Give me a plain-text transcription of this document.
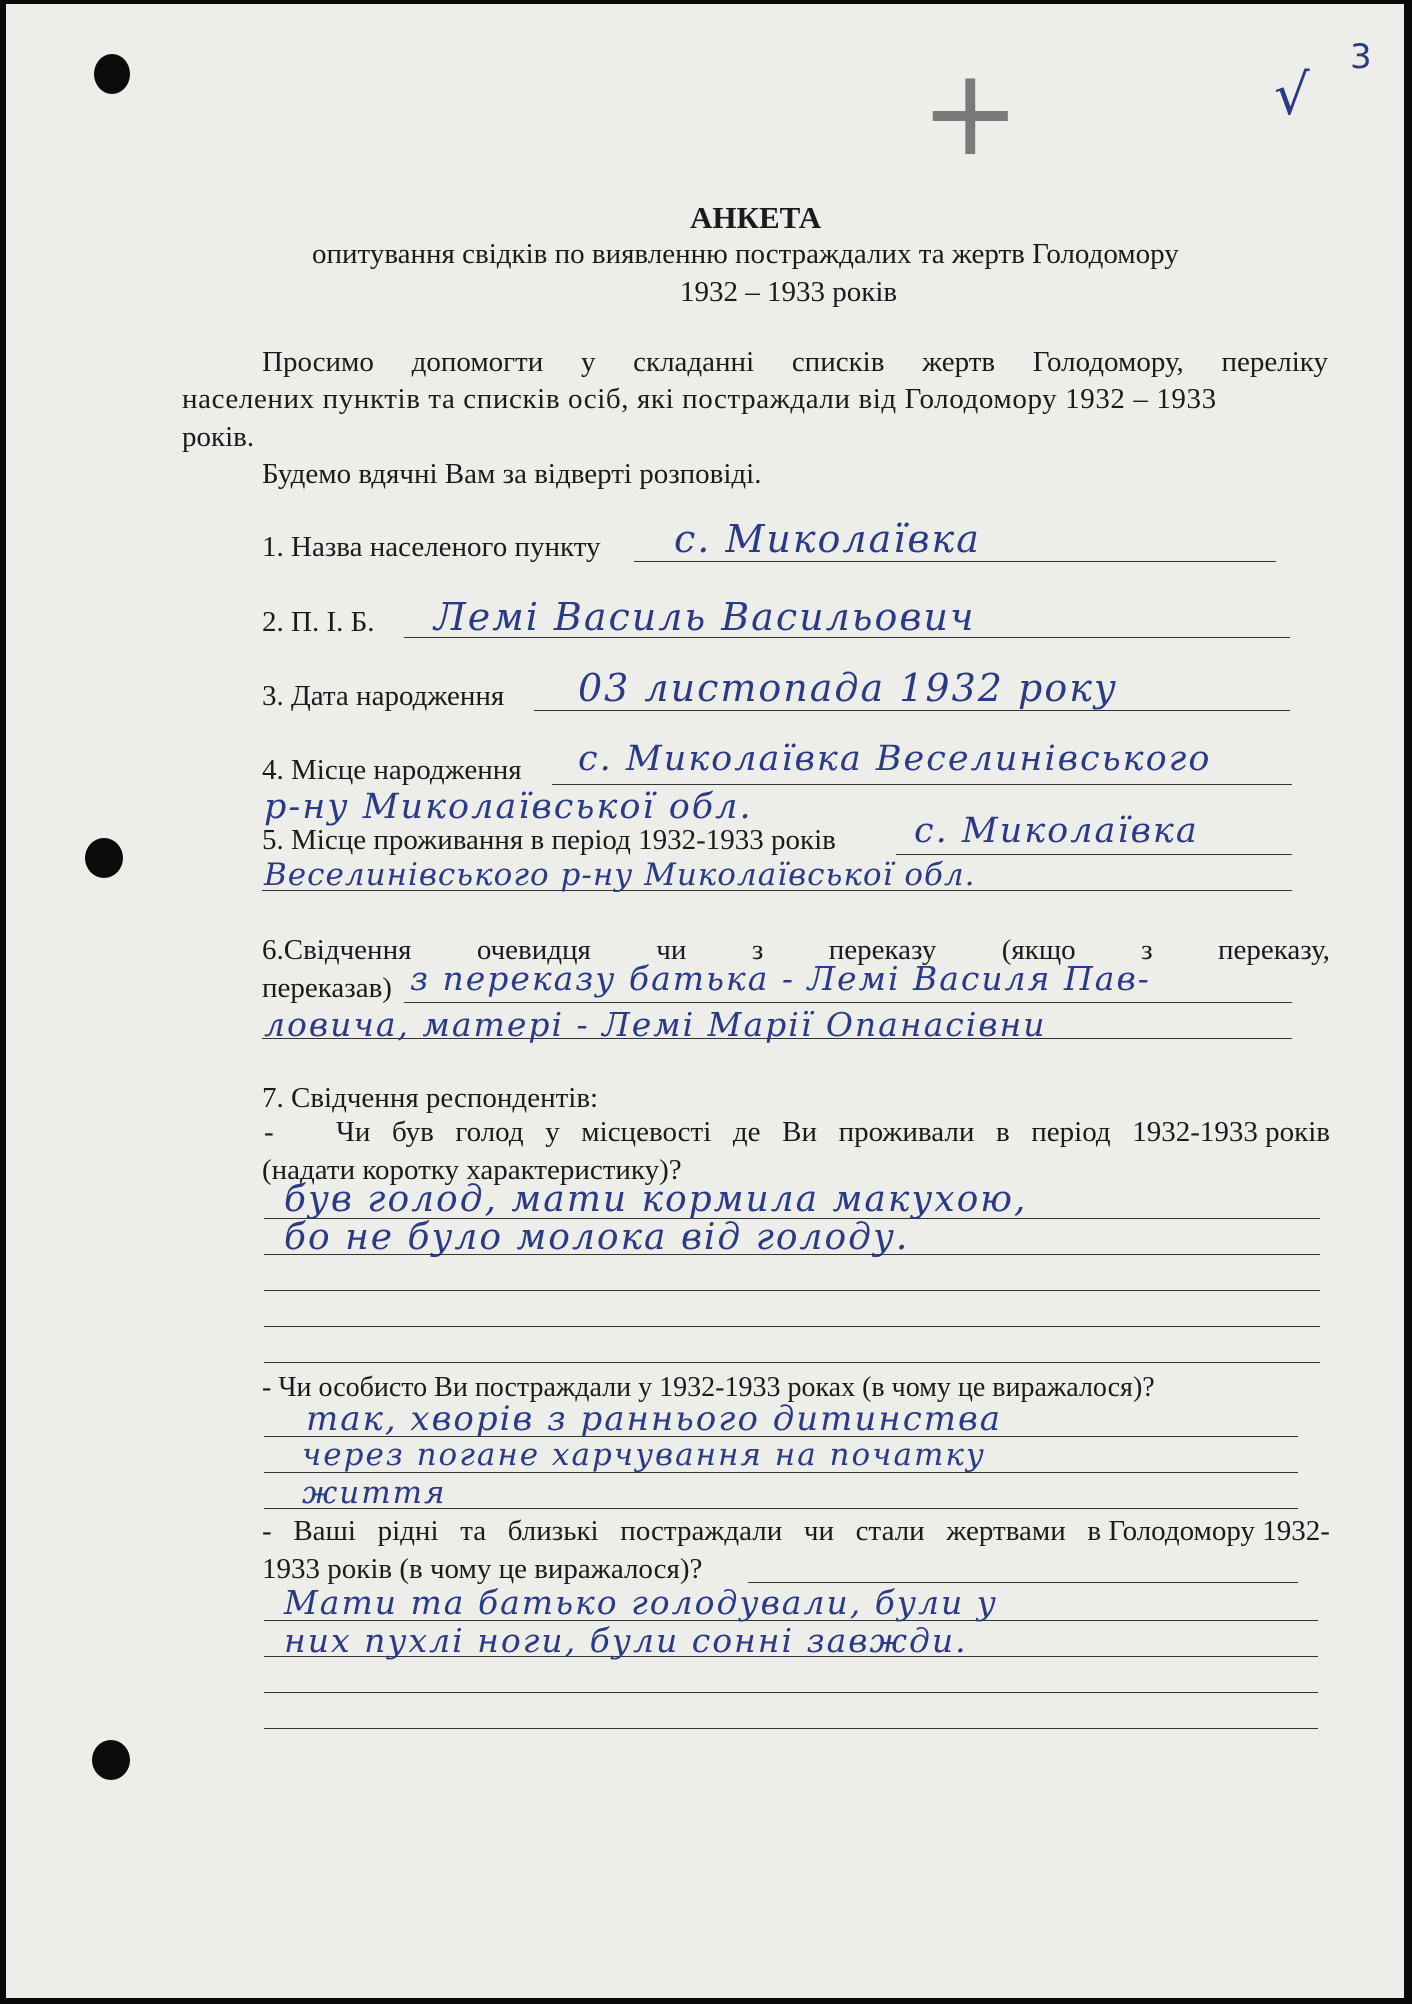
+	√
3
АНКЕТА
опитування свідків по виявленню постраждалих та жертв Голодомору
1932 – 1933 років
Просимо допомогти у складанні списків жертв Голодомору, переліку
населених пунктів та списків осіб, які постраждали від Голодомору 1932 – 1933
років.
Будемо вдячні Вам за відверті розповіді.
1. Назва населеного пункту с. Миколаївка
2. П. І. Б. Лемі Василь Васильович
3. Дата народження 03 листопада 1932 року
4. Місце народження с. Миколаївка Веселинівського
р-ну Миколаївської обл.
5. Місце проживання в період 1932-1933 років с. Миколаївка
Веселинівського р-ну Миколаївської обл.
6.Свідчення очевидця чи з переказу (якщо з переказу,
переказав) з переказу батька - Лемі Василя Пав-
ловича, матері - Лемі Марії Опанасівни
7. Свідчення респондентів:
- Чи був голод у місцевості де Ви проживали в період 1932-1933 років
(надати коротку характеристику)?
був голод, мати кормила макухою,
бо не було молока від голоду.
- Чи особисто Ви постраждали у 1932-1933 роках (в чому це виражалося)?
так, хворів з раннього дитинства
через погане харчування на початку
життя
- Ваші рідні та близькі постраждали чи стали жертвами в Голодомору 1932-
1933 років (в чому це виражалося)?
Мати та батько голодували, були у
них пухлі ноги, були сонні завжди.
